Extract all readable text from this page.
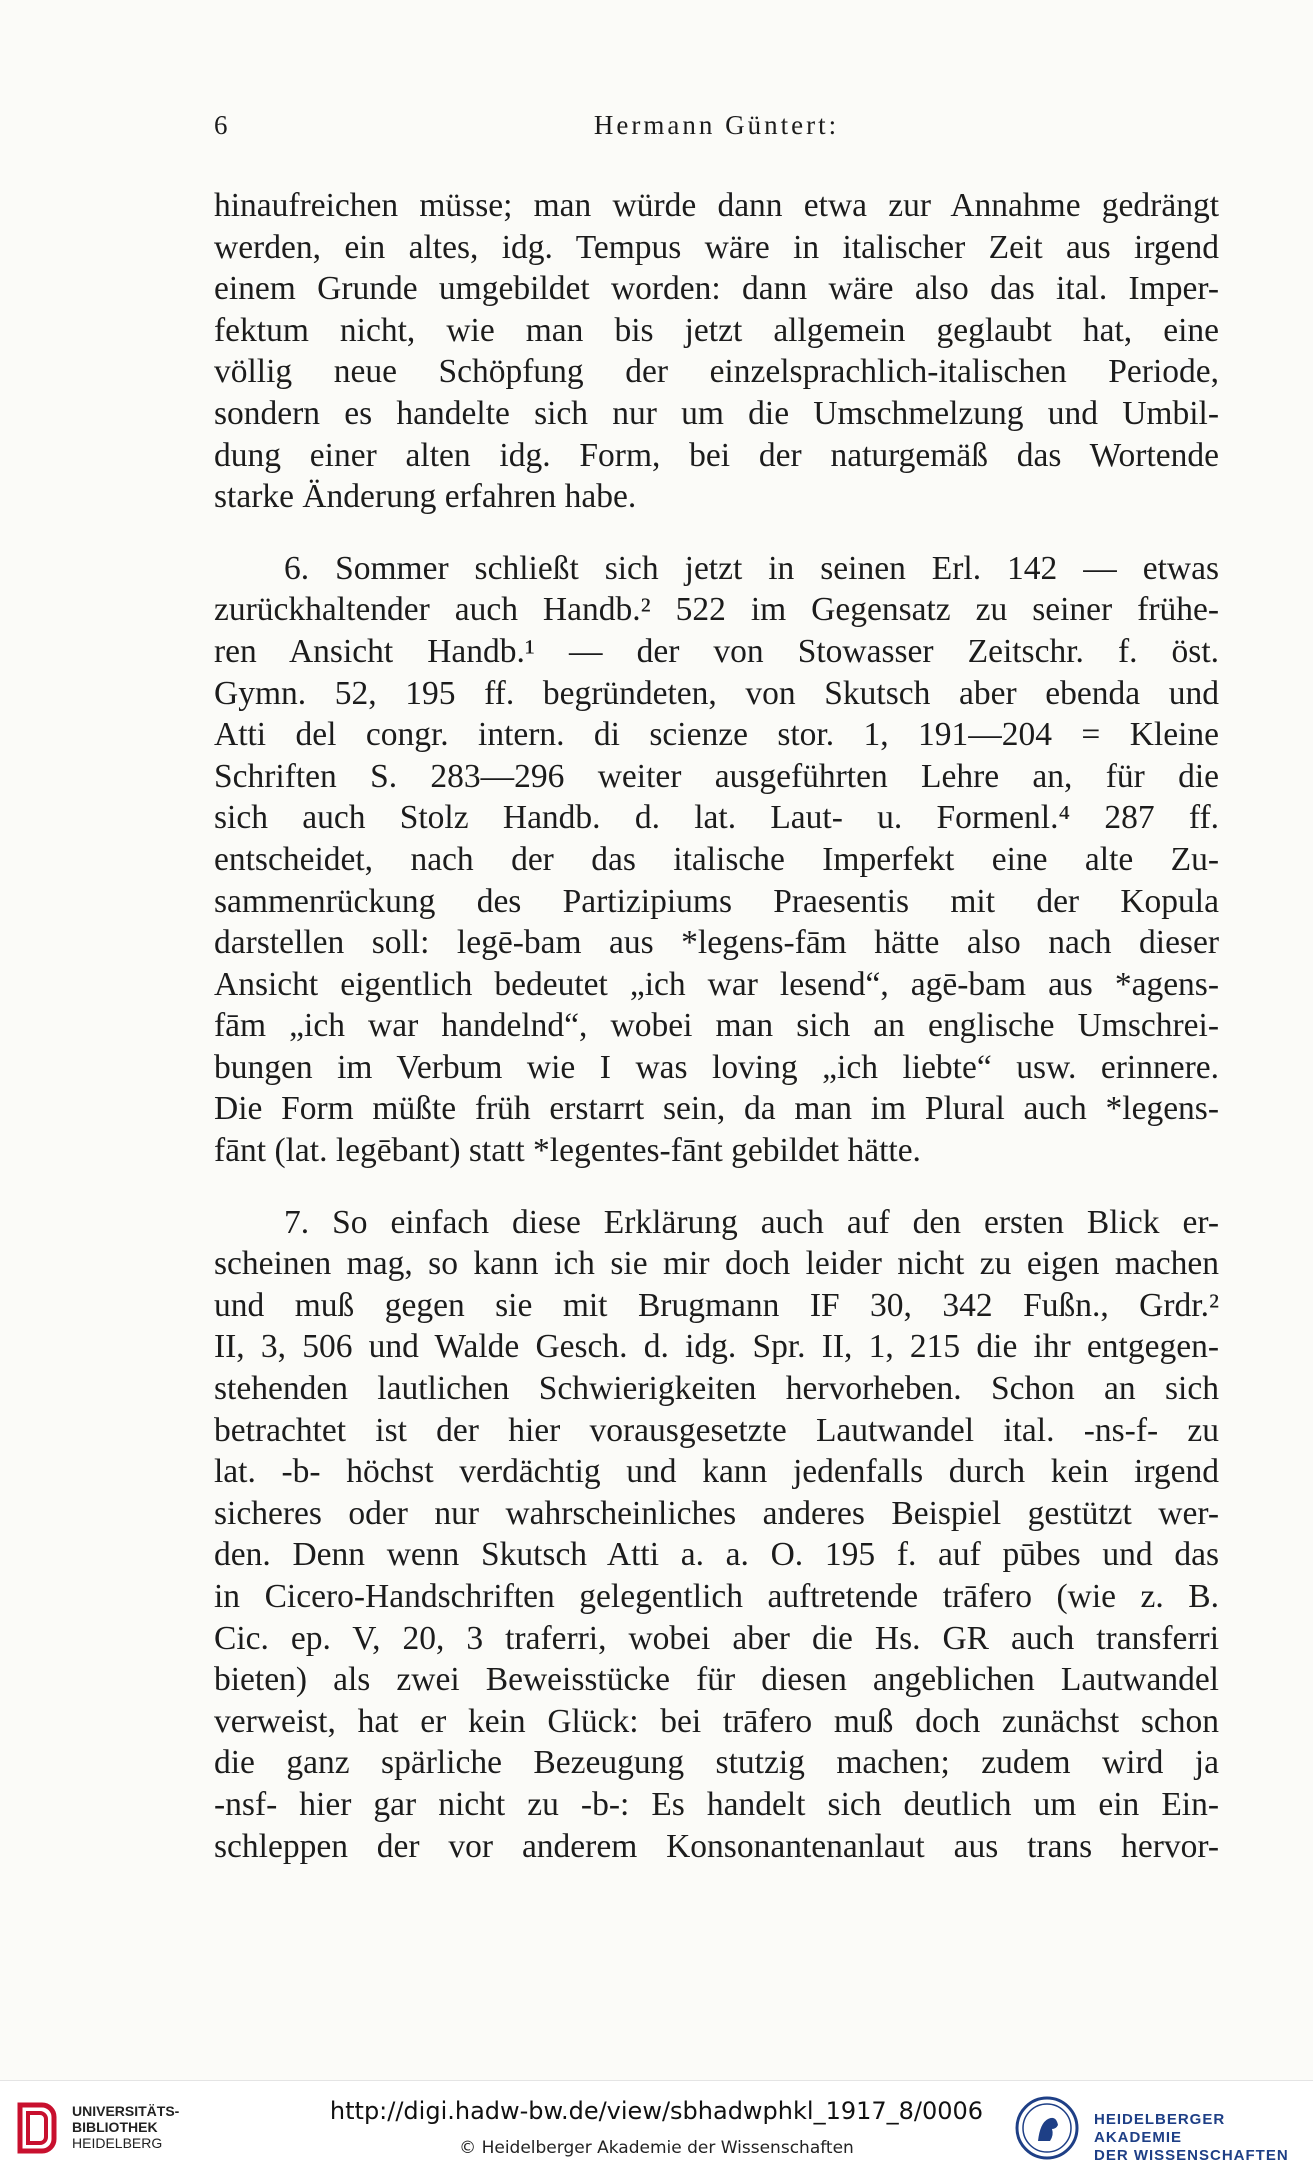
6	Hermann Güntert:
hinaufreichen müsse; man würde dann etwa zur Annahme gedrängt
werden, ein altes, idg. Tempus wäre in italischer Zeit aus irgend
einem Grunde umgebildet worden: dann wäre also das ital. Imper-
fektum nicht, wie man bis jetzt allgemein geglaubt hat, eine
völlig neue Schöpfung der einzelsprachlich-italischen Periode,
sondern es handelte sich nur um die Umschmelzung und Umbil-
dung einer alten idg. Form, bei der naturgemäß das Wortende
starke Änderung erfahren habe.
6. Sommer schließt sich jetzt in seinen Erl. 142 — etwas
zurückhaltender auch Handb.² 522 im Gegensatz zu seiner frühe-
ren Ansicht Handb.¹ — der von Stowasser Zeitschr. f. öst.
Gymn. 52, 195 ff. begründeten, von Skutsch aber ebenda und
Atti del congr. intern. di scienze stor. 1, 191—204 = Kleine
Schriften S. 283—296 weiter ausgeführten Lehre an, für die
sich auch Stolz Handb. d. lat. Laut- u. Formenl.⁴ 287 ff.
entscheidet, nach der das italische Imperfekt eine alte Zu-
sammenrückung des Partizipiums Praesentis mit der Kopula
darstellen soll: legē-bam aus *legens-fām hätte also nach dieser
Ansicht eigentlich bedeutet „ich war lesend“, agē-bam aus *agens-
fām „ich war handelnd“, wobei man sich an englische Umschrei-
bungen im Verbum wie I was loving „ich liebte“ usw. erinnere.
Die Form müßte früh erstarrt sein, da man im Plural auch *legens-
fānt (lat. legēbant) statt *legentes-fānt gebildet hätte.
7. So einfach diese Erklärung auch auf den ersten Blick er-
scheinen mag, so kann ich sie mir doch leider nicht zu eigen machen
und muß gegen sie mit Brugmann IF 30, 342 Fußn., Grdr.²
II, 3, 506 und Walde Gesch. d. idg. Spr. II, 1, 215 die ihr entgegen-
stehenden lautlichen Schwierigkeiten hervorheben. Schon an sich
betrachtet ist der hier vorausgesetzte Lautwandel ital. -ns-f- zu
lat. -b- höchst verdächtig und kann jedenfalls durch kein irgend
sicheres oder nur wahrscheinliches anderes Beispiel gestützt wer-
den. Denn wenn Skutsch Atti a. a. O. 195 f. auf pūbes und das
in Cicero-Handschriften gelegentlich auftretende trāfero (wie z. B.
Cic. ep. V, 20, 3 traferri, wobei aber die Hs. GR auch transferri
bieten) als zwei Beweisstücke für diesen angeblichen Lautwandel
verweist, hat er kein Glück: bei trāfero muß doch zunächst schon
die ganz spärliche Bezeugung stutzig machen; zudem wird ja
-nsf- hier gar nicht zu -b-: Es handelt sich deutlich um ein Ein-
schleppen der vor anderem Konsonantenanlaut aus trans hervor-
UNIVERSITÄTS-
BIBLIOTHEK
HEIDELBERG
http://digi.hadw-bw.de/view/sbhadwphkl_1917_8/0006
© Heidelberger Akademie der Wissenschaften
HEIDELBERGER AKADEMIE
DER WISSENSCHAFTEN
